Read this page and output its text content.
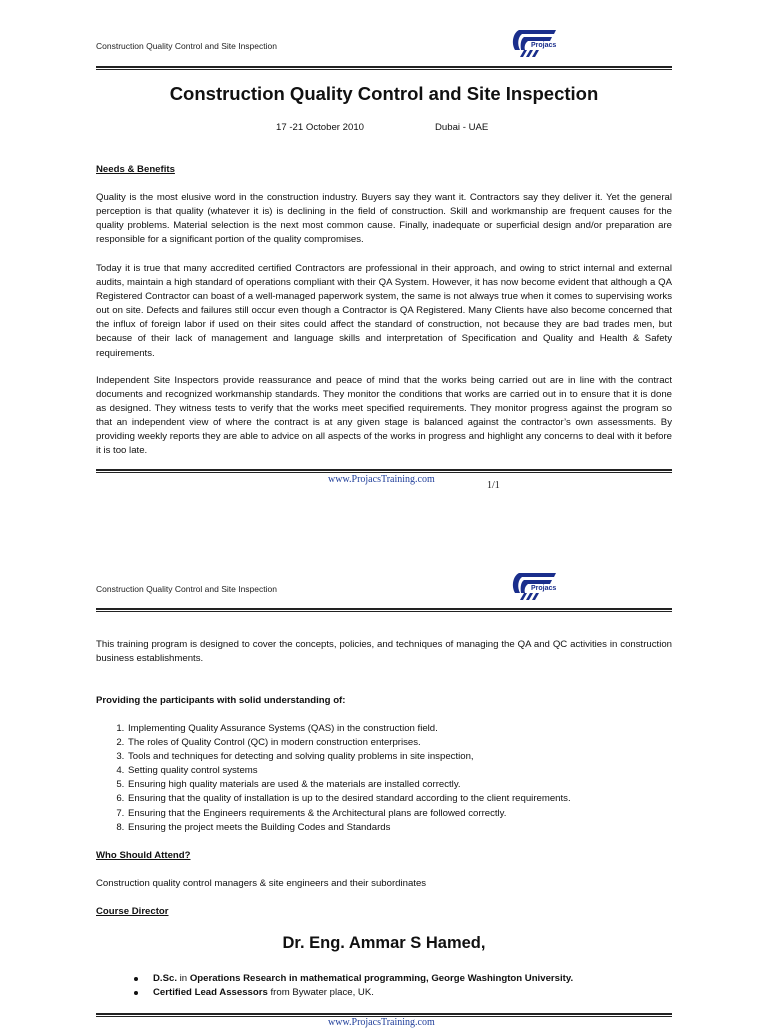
Construction Quality Control and Site Inspection	Projacs
Construction Quality Control and Site Inspection
17 -21 October 2010	Dubai - UAE
Needs & Benefits
Quality is the most elusive word in the construction industry. Buyers say they want it. Contractors say they deliver it. Yet the general perception is that quality (whatever it is) is declining in the field of construction. Skill and workmanship are frequent causes for the quality problems. Material selection is the next most common cause. Finally, inadequate or superficial design and/or preparation are responsible for a significant portion of the quality compromises.
Today it is true that many accredited certified Contractors are professional in their approach, and owing to strict internal and external audits, maintain a high standard of operations compliant with their QA System. However, it has now become evident that although a QA Registered Contractor can boast of a well-managed paperwork system, the same is not always true when it comes to supervising works out on site. Defects and failures still occur even though a Contractor is QA Registered. Many Clients have also become concerned that the influx of foreign labor if used on their sites could affect the standard of construction, not because they are bad trades men, but because of their lack of management and language skills and interpretation of Specification and Quality and Health & Safety requirements.
Independent Site Inspectors provide reassurance and peace of mind that the works being carried out are in line with the contract documents and recognized workmanship standards. They monitor the conditions that works are carried out in to ensure that it is done as designed. They witness tests to verify that the works meet specified requirements. They monitor progress against the program so that an independent view of where the contract is at any given stage is balanced against the contractor’s own assessments. By providing weekly reports they are able to advice on all aspects of the works in progress and highlight any concerns to deal with it before it is too late.
www.ProjacsTraining.com
1/1
Construction Quality Control and Site Inspection	Projacs
This training program is designed to cover the concepts, policies, and techniques of managing the QA and QC activities in construction business establishments.
Providing the participants with solid understanding of:
1. Implementing Quality Assurance Systems (QAS) in the construction field.
2. The roles of Quality Control (QC) in modern construction enterprises.
3. Tools and techniques for detecting and solving quality problems in site inspection,
4. Setting quality control systems
5. Ensuring high quality materials are used & the materials are installed correctly.
6. Ensuring that the quality of installation is up to the desired standard according to the client requirements.
7. Ensuring that the Engineers requirements & the Architectural plans are followed correctly.
8. Ensuring the project meets the Building Codes and Standards
Who Should Attend?
Construction quality control managers & site engineers and their subordinates
Course Director
Dr. Eng. Ammar S Hamed,
D.Sc. in Operations Research in mathematical programming, George Washington University.
Certified Lead Assessors from Bywater place, UK.
www.ProjacsTraining.com
